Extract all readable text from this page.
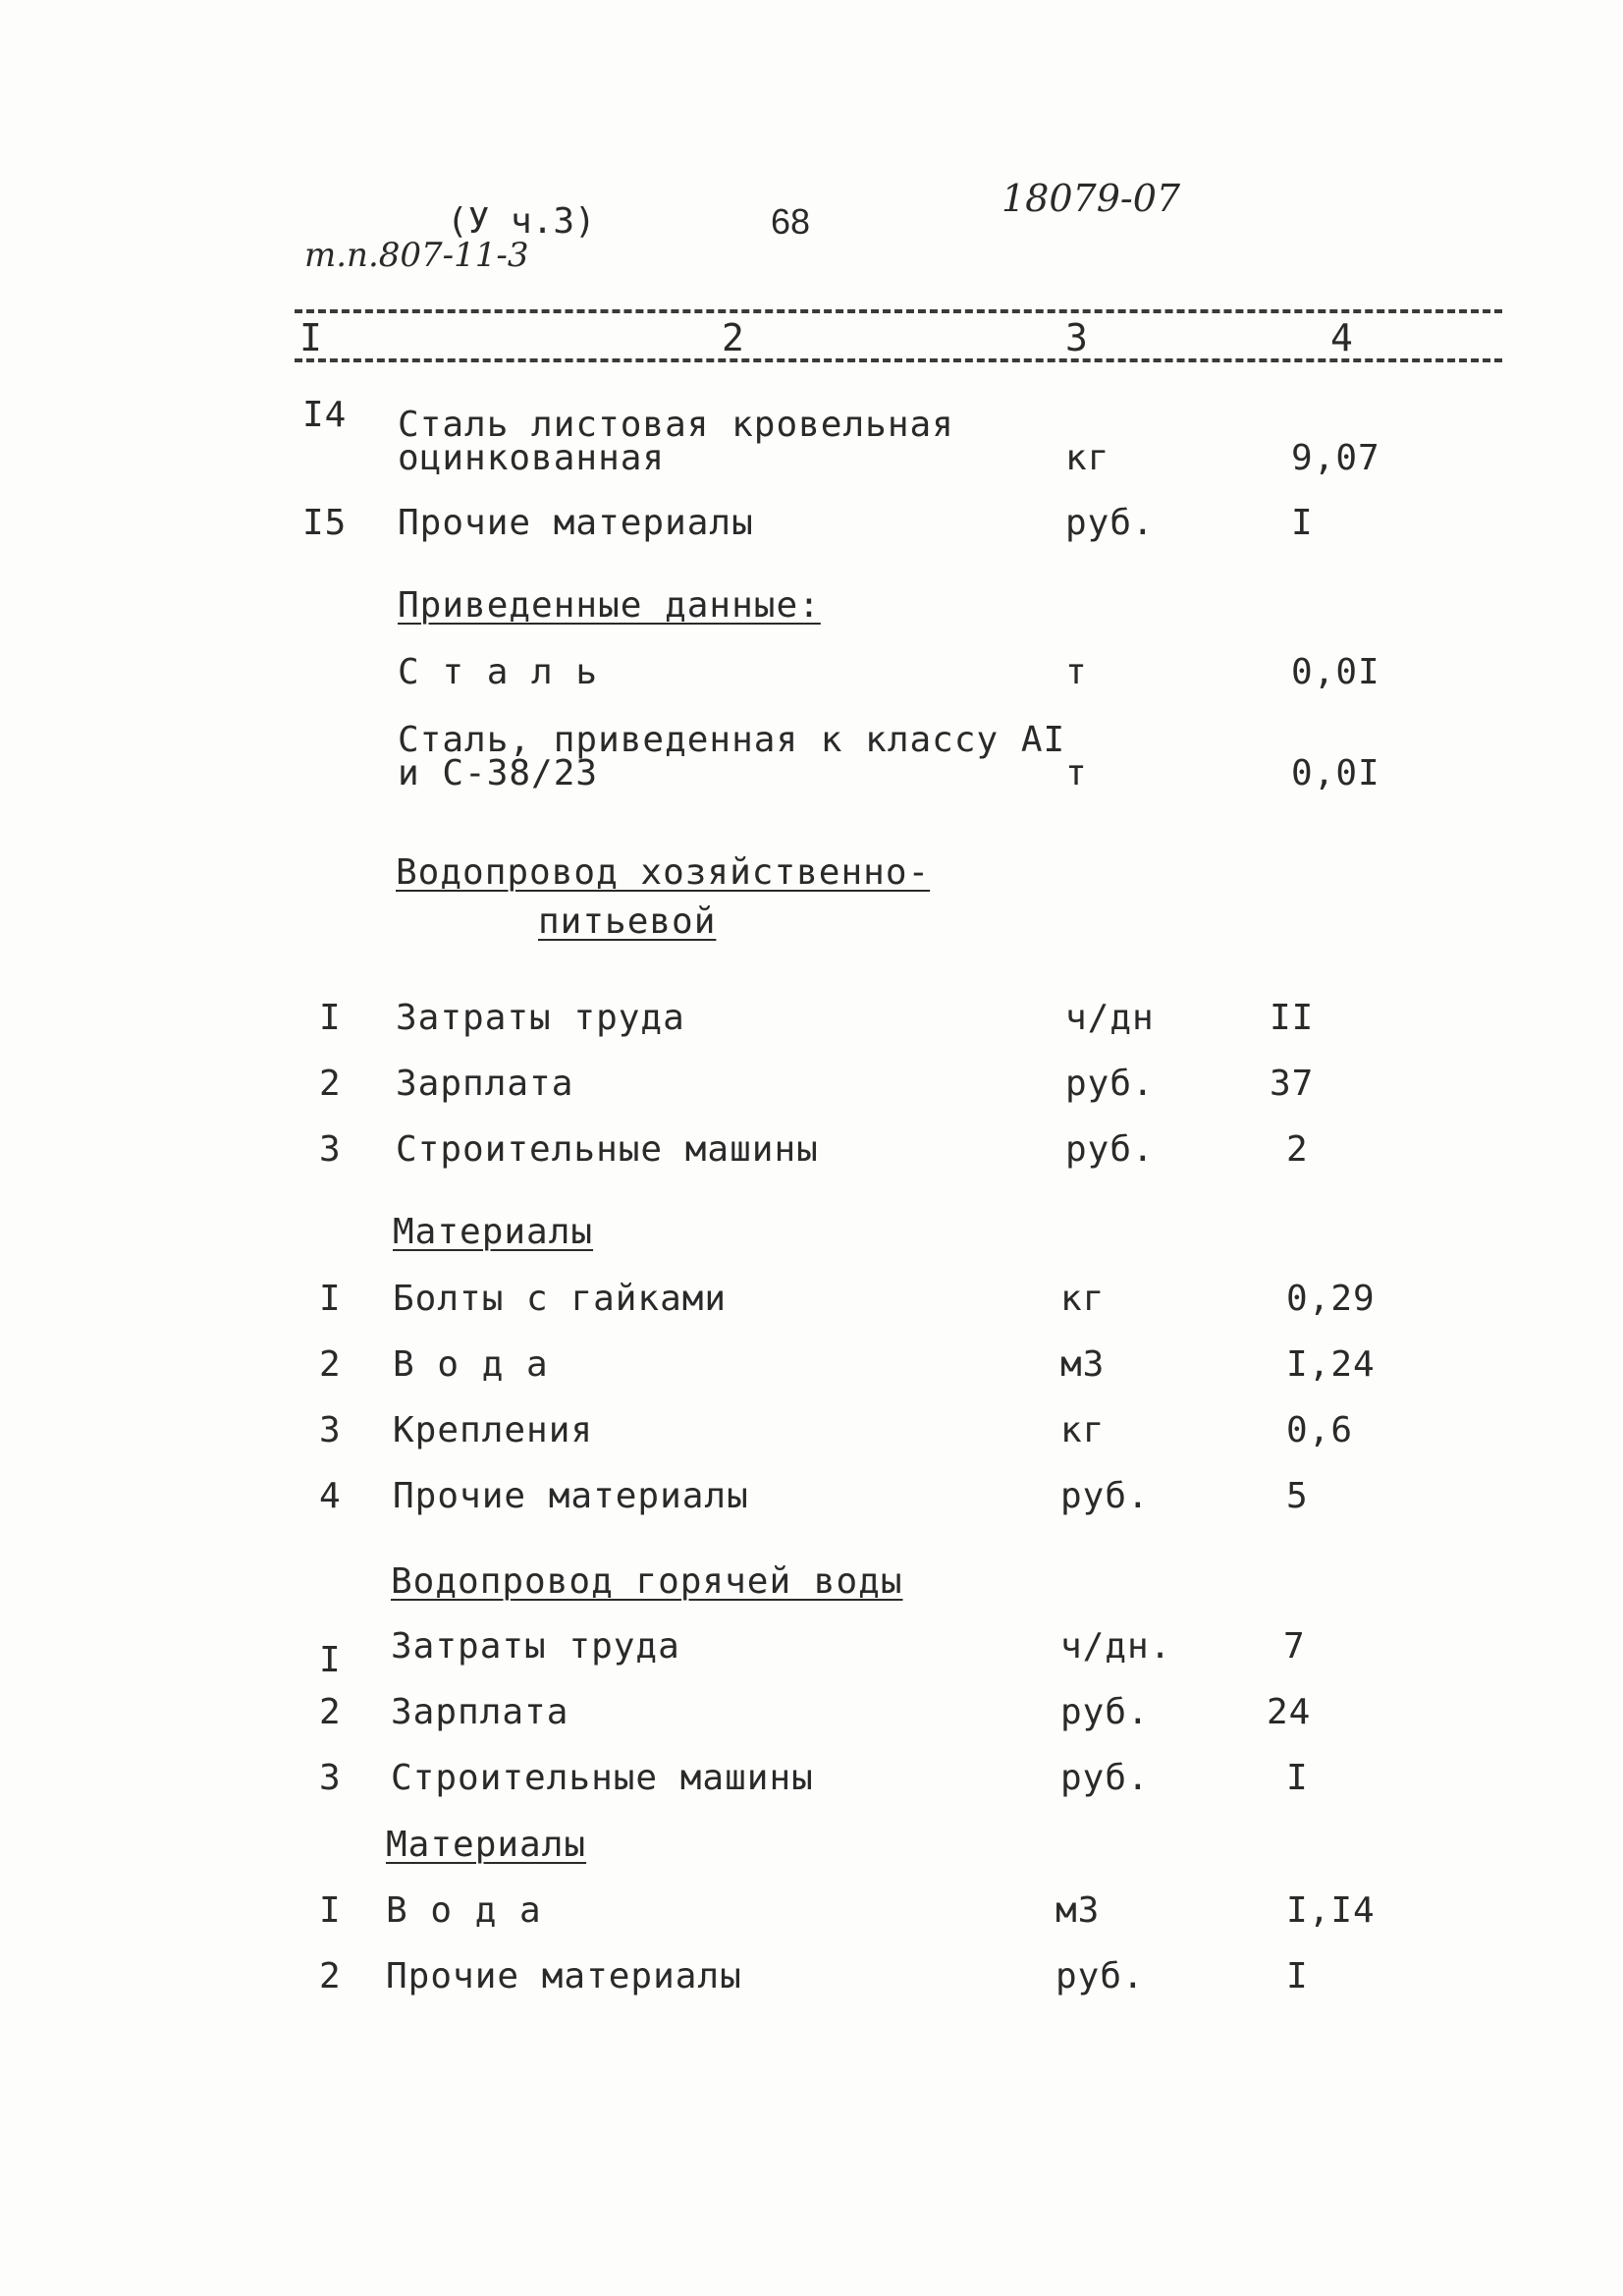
т.п.807-11-3
(У ч.3)	68
18079-07
I	2	3	4
I4 Сталь листовая кровельная
оцинкованная	кг	9,07
I5 Прочие материалы	руб.	I
Приведенные данные:
С т а л ь	т	0,0I
Сталь, приведенная к классу АI
и С-38/23	т	0,0I
Водопровод хозяйственно-
питьевой
I Затраты труда	ч/дн	II
2 Зарплата	руб.	37
3 Строительные машины	руб.	2
Материалы
I Болты с гайками	кг	0,29
2 В о д а	м3	I,24
3 Крепления	кг	0,6
4 Прочие материалы	руб.	5
Водопровод горячей воды
I Затраты труда	ч/дн.	7
2 Зарплата	руб.	24
3 Строительные машины	руб.	I
Материалы
I В о д а	м3	I,I4
2 Прочие материалы	руб.	I
